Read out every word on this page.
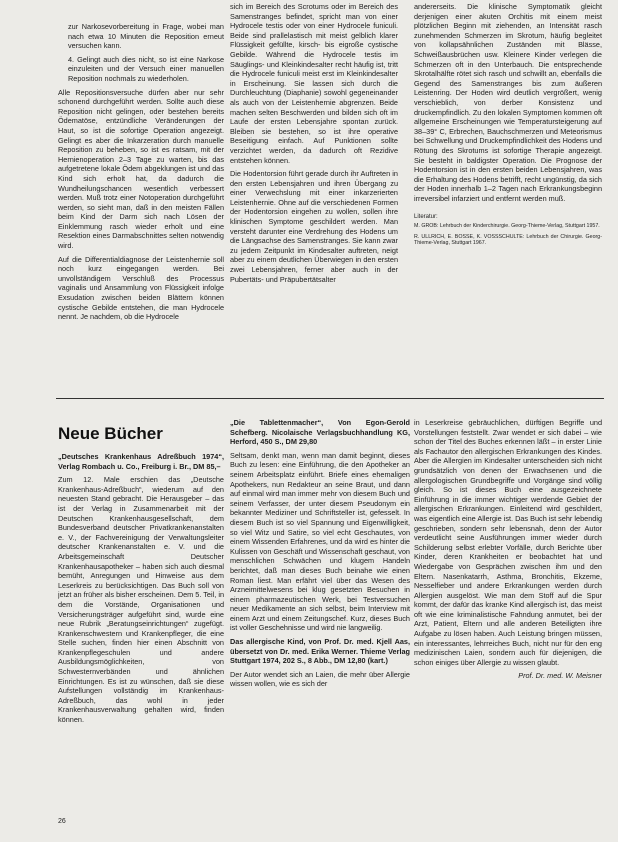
zur Narkosevorbereitung in Frage, wobei man nach etwa 10 Minuten die Reposition erneut versuchen kann.

4. Gelingt auch dies nicht, so ist eine Narkose einzuleiten und der Versuch einer manuellen Reposition nochmals zu wiederholen.

Alle Repositionsversuche dürfen aber nur sehr schonend durchgeführt werden. Sollte auch diese Reposition nicht gelingen, oder bestehen bereits Ödematöse, entzündliche Veränderungen der Haut, so ist die sofortige Operation angezeigt. Gelingt es aber die Inkarzeration durch manuelle Reposition zu beheben, so ist es ratsam, mit der Hernienoperation 2–3 Tage zu warten, bis das aufgetretene lokale Ödem abgeklungen ist und das Kind sich erholt hat, da dadurch die Wundheilungschancen wesentlich verbessert werden. Muß trotz einer Notoperation durchgeführt werden, so sieht man, daß in den meisten Fällen beim Kind der Darm sich nach Lösen der Einklemmung rasch wieder erholt und eine Resektion eines Darmabschnittes selten notwendig wird.

Auf die Differentialdiagnose der Leistenhernie soll noch kurz eingegangen werden. Bei unvollständigem Verschluß des Processus vaginalis und Ansammlung von Flüssigkeit infolge Exsudation zwischen beiden Blättern können cystische Gebilde entstehen, die man Hydrocele nennt. Je nachdem, ob die Hydrocele

sich im Bereich des Scrotums oder im Bereich des Samenstranges befindet, spricht man von einer Hydrocele testis oder von einer Hydrocele funiculi. Beide sind prallelastisch mit meist gelblich klarer Flüssigkeit gefüllte, kirsch- bis eigroße cystische Gebilde. Während die Hydrocele testis im Säuglings- und Kleinkindesalter recht häufig ist, tritt die Hydrocele funiculi meist erst im Kleinkindesalter in Erscheinung. Sie lassen sich durch die Durchleuchtung (Diaphanie) sowohl gegeneinander als auch von der Leistenhernie abgrenzen. Beide machen selten Beschwerden und bilden sich oft im Laufe der ersten Lebensjahre spontan zurück. Bleiben sie bestehen, so ist ihre operative Beseitigung einfach. Auf Punktionen sollte verzichtet werden, da dadurch oft Rezidive entstehen können.

Die Hodentorsion führt gerade durch ihr Auftreten in den ersten Lebensjahren und ihren Übergang zu einer Verwechslung mit einer inkarzerierten Leistenhernie. Ohne auf die verschiedenen Formen der Hodentorsion eingehen zu wollen, sollen ihre klinischen Symptome geschildert werden. Man versteht darunter eine Verdrehung des Hodens um die Längsachse des Samenstranges. Sie kann zwar zu jedem Zeitpunkt im Kindesalter auftreten, neigt aber zu einem deutlichen Überwiegen in den ersten zwei Lebensjahren, ferner aber auch in der Pubertäts- und Präpubertätsalter

andererseits. Die klinische Symptomatik gleicht derjenigen einer akuten Orchitis mit einem meist plötzlichen Beginn mit ziehenden, an Intensität rasch zunehmenden Schmerzen im Skrotum, häufig begleitet von kollapsähnlichen Zuständen mit Blässe, Schweißausbrüchen usw. Kleinere Kinder verlegen die Schmerzen oft in den Unterbauch. Die entsprechende Skrotalhälfte rötet sich rasch und schwillt an, ebenfalls die Gegend des Samenstranges bis zum äußeren Leistenring. Der Hoden wird deutlich vergrößert, wenig verschieblich, von derber Konsistenz und druckempfindlich. Zu den lokalen Symptomen kommen oft allgemeine Erscheinungen wie Temperatursteigerung auf 38–39° C, Erbrechen, Bauchschmerzen und Meteorismus bei Schwellung und Druckempfindlichkeit des Hodens und Rötung des Skrotums ist sofortige Therapie angezeigt. Sie besteht in baldigster Operation. Die Prognose der Hodentorsion ist in den ersten beiden Lebensjahren, was die Erhaltung des Hodens betrifft, recht ungünstig, da sich der Hoden innerhalb 1–2 Tagen nach Erkrankungsbeginn irreversibel infarziert und entfernt werden muß.

Literatur:

M. GROB: Lehrbuch der Kinderchirurgie. Georg-Thieme-Verlag, Stuttgart 1957.

R. ULLRICH, E. BOSSE, K. VOSSSCHULTE: Lehrbuch der Chirurgie. Georg-Thieme-Verlag, Stuttgart 1967.

Neue Bücher

„Deutsches Krankenhaus Adreßbuch 1974“, Verlag Rombach u. Co., Freiburg i. Br., DM 85,–

Zum 12. Male erschien das „Deutsche Krankenhaus-Adreßbuch“, wiederum auf den neuesten Stand gebracht. Die Herausgeber – das ist der Verlag in Zusammenarbeit mit der Deutschen Krankenhausgesellschaft, dem Bundesverband deutscher Privatkrankenanstalten e. V., der Fachvereinigung der Verwaltungsleiter deutscher Krankenanstalten e. V. und die Arbeitsgemeinschaft Deutscher Krankenhausapotheker – haben sich auch diesmal bemüht, Anregungen und Hinweise aus dem Leserkreis zu berücksichtigen. Das Buch soll von jetzt an früher als bisher erscheinen. Dem 5. Teil, in dem die Vorstände, Organisationen und Versicherungsträger aufgeführt sind, wurde eine neue Rubrik „Beratungseinrichtungen“ zugefügt. Krankenschwestern und Krankenpfleger, die eine Stelle suchen, finden hier einen Abschnitt von Krankenpflegeschulen und andere Ausbildungsmöglichkeiten, von Schwesternverbänden und ähnlichen Einrichtungen. Es ist zu wünschen, daß sie diese Aufstellungen vollständig im Krankenhaus-Adreßbuch, das wohl in jeder Krankenhausverwaltung gehalten wird, finden können.

„Die Tablettenmacher“, Von Egon-Gerold Schefberg. Nicolaische Verlagsbuchhandlung KG, Herford, 450 S., DM 29,80

Seltsam, denkt man, wenn man damit beginnt, dieses Buch zu lesen: eine Einführung, die den Apotheker an seinem Arbeitsplatz einführt. Briefe eines ehemaligen Apothekers, nun Redakteur an seine Braut, und dann auf einmal wird man immer mehr von diesem Buch und seinem Verfasser, der unter diesem Pseudonym ein bekannter Mediziner und Schriftsteller ist, gefesselt. In diesem Buch ist so viel Spannung und Eigenwilligkeit, so viel Witz und Satire, so viel echt Geschautes, von einem Wissenden Erfahrenes, und da wird es hinter die Kulissen von Geschäft und Wissenschaft geschaut, von menschlichen Schwächen und klugem Handeln berichtet, daß man dieses Buch beinahe wie einen Roman liest. Man erfährt viel über das Wesen des Arzneimittelwesens bei klug gesetzten Besuchen in einem pharmazeutischen Werk, bei Testversuchen neuer Medikamente an sich selbst, beim Interview mit einem Arzt und einem Zeitungschef. Kurz, dieses Buch ist voller Geschehnisse und wird nie langweilig.

Das allergische Kind, von Prof. Dr. med. Kjell Aas, übersetzt von Dr. med. Erika Werner. Thieme Verlag Stuttgart 1974, 202 S., 8 Abb., DM 12,80 (kart.)

Der Autor wendet sich an Laien, die mehr über Allergie wissen wollen, wie es sich der

in Leserkreise gebräuchlichen, dürftigen Begriffe und Vorstellungen feststellt. Zwar wendet er sich dabei – wie schon der Titel des Buches erkennen läßt – in erster Linie als Fachautor den allergischen Erkrankungen des Kindes. Aber die Allergien im Kindesalter unterscheiden sich nicht grundsätzlich von denen der Erwachsenen und die allergologischen Grundbegriffe und Vorgänge sind völlig gleich. So ist dieses Buch eine ausgezeichnete Einführung in die immer wichtiger werdende Gebiet der allergischen Erkrankungen. Einleitend wird geschildert, was eigentlich eine Allergie ist. Das Buch ist sehr lebendig geschrieben, sondern sehr lebensnah, denn der Autor verdeutlicht seine Ausführungen immer wieder durch Schilderung selbst erlebter Vorfälle, durch Berichte über Kinder, deren Krankheiten er beobachtet hat und Wiedergabe von Gesprächen zwischen ihm und den Eltern. Nasenkatarrh, Asthma, Bronchitis, Ekzeme, Nesselfieber und andere Erkrankungen werden durch Allergien ausgelöst. Wie man dem Stoff auf die Spur kommt, der dafür das kranke Kind allergisch ist, das meist oft wie eine kriminalistische Fahndung anmutet, bei der Arzt, Patient, Eltern und alle anderen Beteiligten ihre Aufgabe zu lösen haben. Auch Leistung bringen müssen, ein interessantes, lehrreiches Buch, nicht nur für den eng medizinischen Laien, sondern auch für diejenigen, die schon einiges über Allergie zu wissen glaubt.

Prof. Dr. med. W. Meisner

26
